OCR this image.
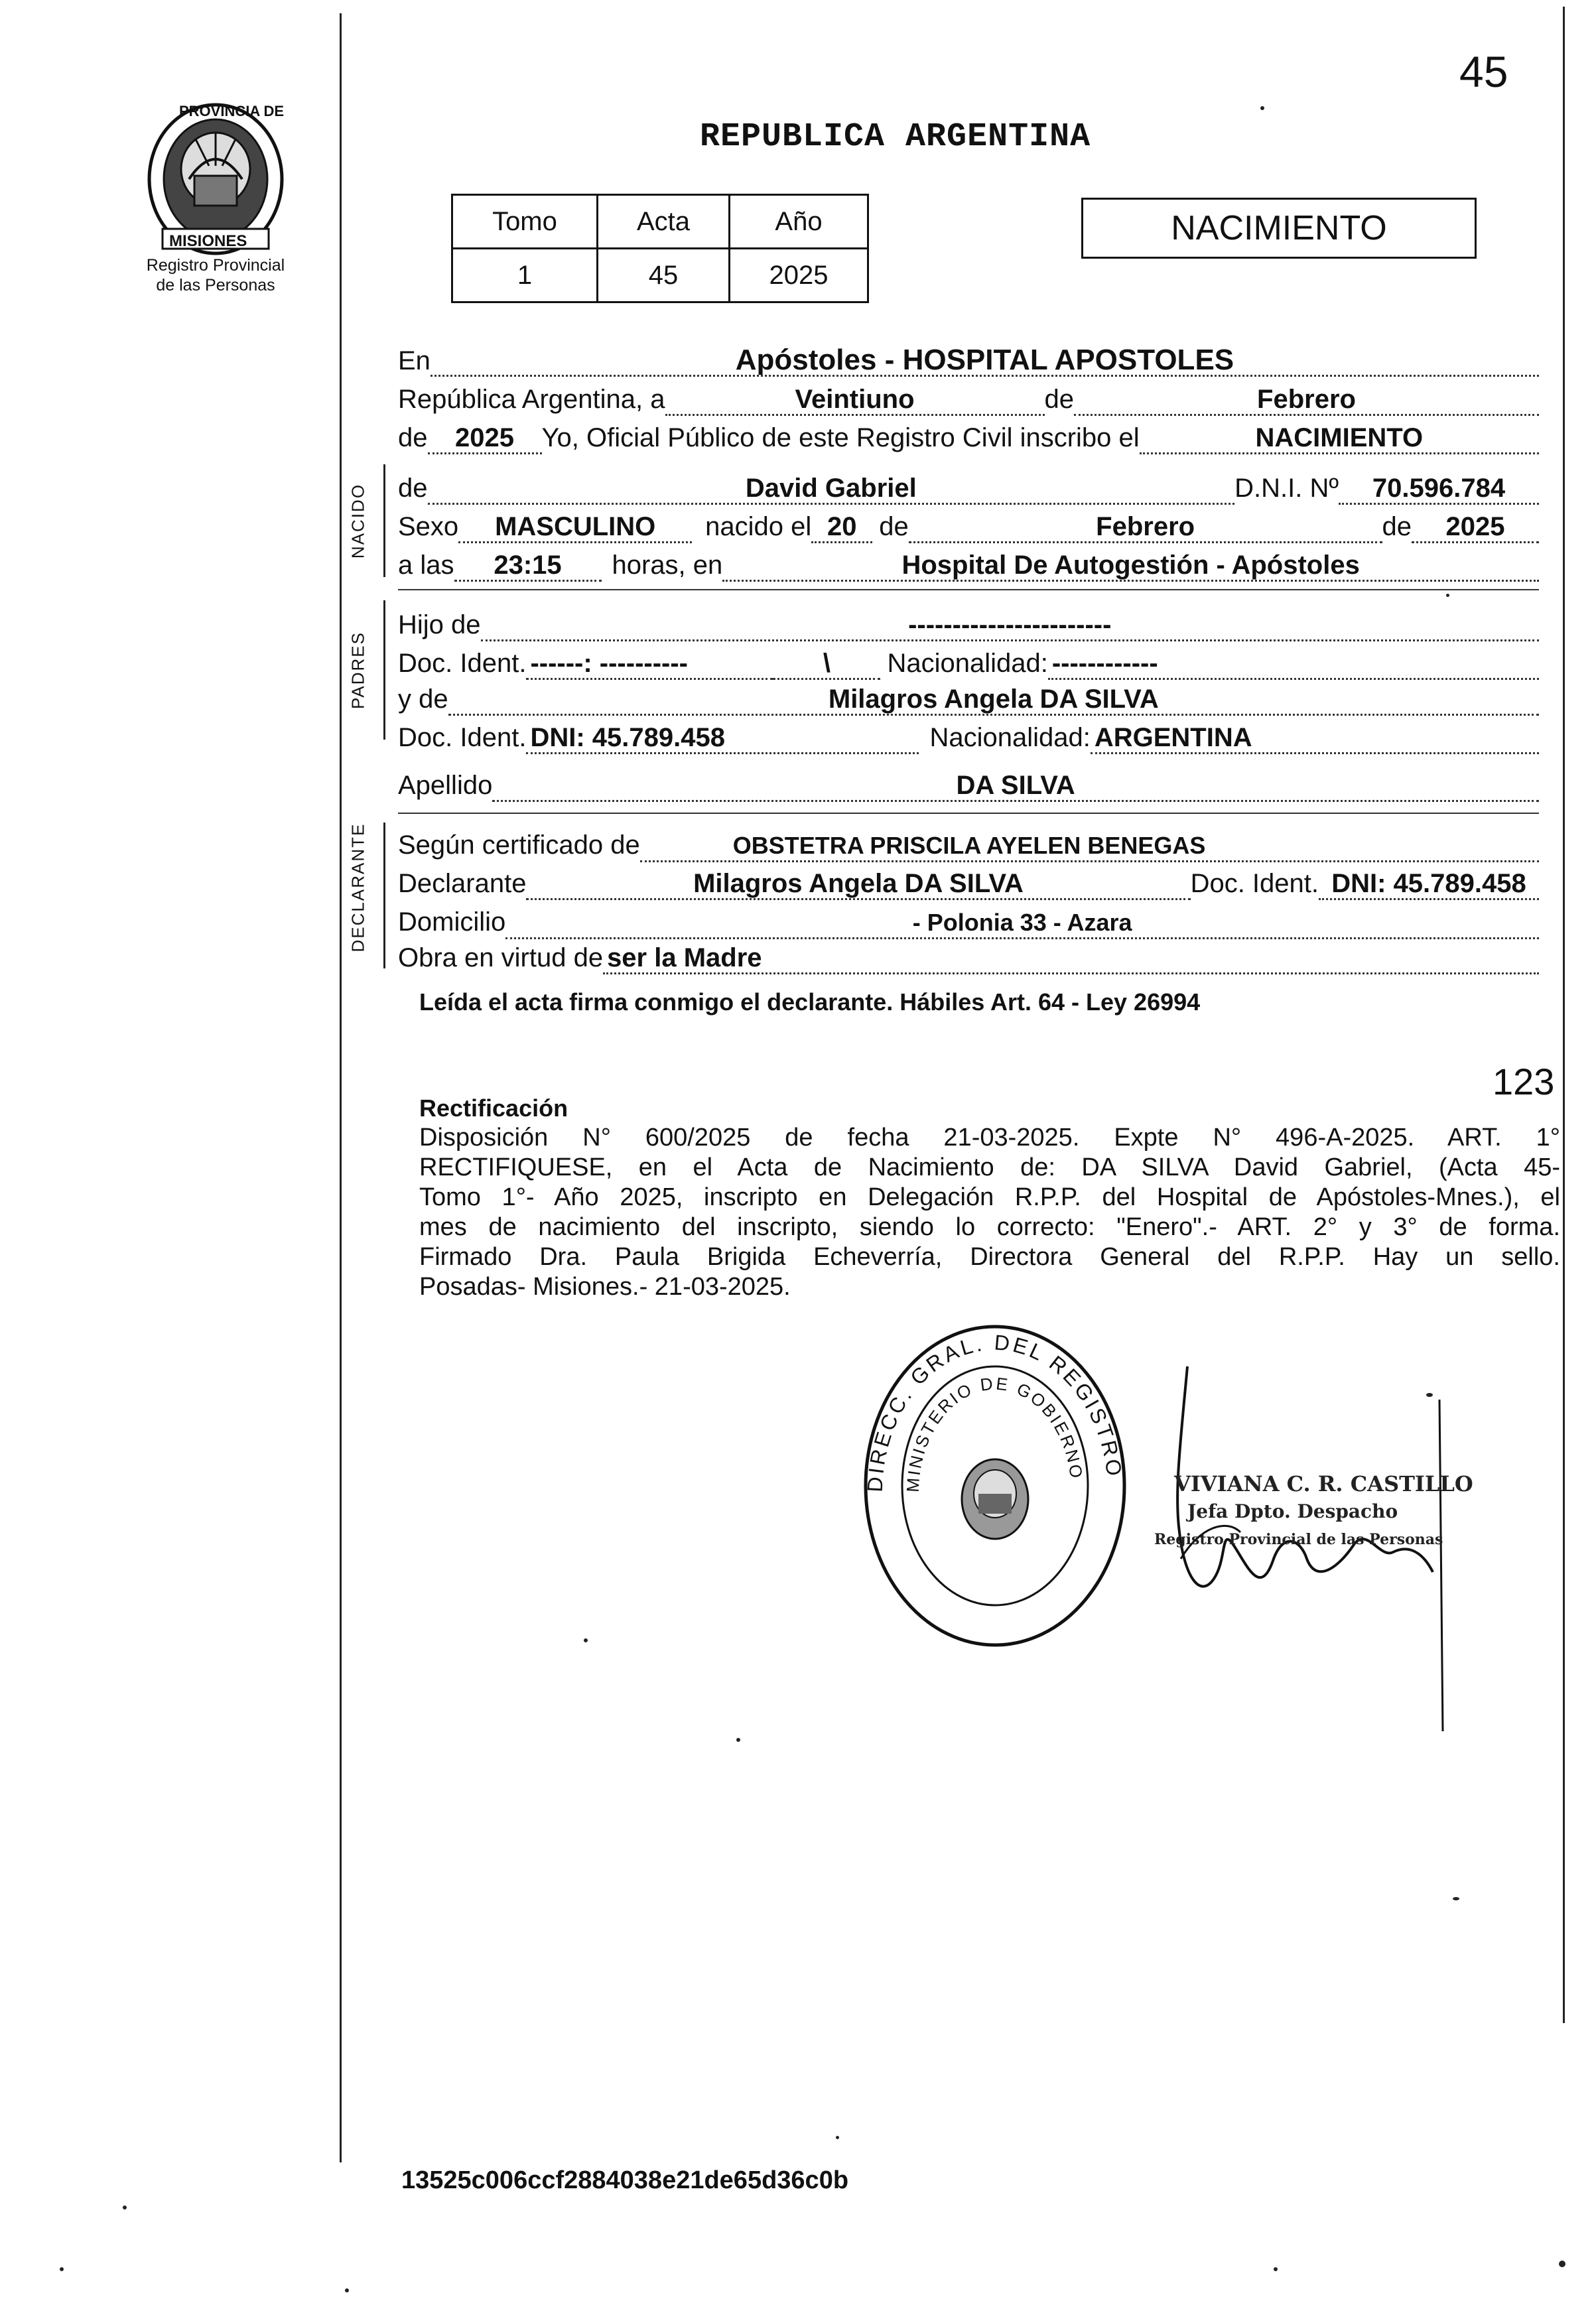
45
PROVINCIA DE
MISIONES
Registro Provincial
de las Personas
REPUBLICA ARGENTINA
Tomo	Acta	Año
1	45	2025
NACIMIENTO
En	Apóstoles - HOSPITAL APOSTOLES
República Argentina, a	Veintiuno	de	Febrero
de	2025	Yo, Oficial Público de este Registro Civil inscribo el	NACIMIENTO
NACIDO de	David Gabriel	D.N.I. Nº	70.596.784
Sexo	MASCULINO	nacido el 20 de	Febrero	de	2025
a las	23:15	horas, en	Hospital De Autogestión - Apóstoles
PADRES
Hijo de	-----------------------
Doc. Ident. ------: ----------	\	Nacionalidad: ------------
y de	Milagros Angela DA SILVA
Doc. Ident. DNI: 45.789.458	Nacionalidad: ARGENTINA
Apellido	DA SILVA
DECLARANTE Según certificado de	OBSTETRA PRISCILA AYELEN BENEGAS
Declarante	Milagros Angela DA SILVA	Doc. Ident. DNI: 45.789.458
Domicilio	- Polonia 33 - Azara
Obra en virtud de ser la Madre
Leída el acta firma conmigo el declarante. Hábiles Art. 64 - Ley 26994
123
Rectificación
Disposición N° 600/2025 de fecha 21-03-2025. Expte N° 496-A-2025. ART. 1°
RECTIFIQUESE, en el Acta de Nacimiento de: DA SILVA David Gabriel, (Acta 45-
Tomo 1°- Año 2025, inscripto en Delegación R.P.P. del Hospital de Apóstoles-Mnes.), el
mes de nacimiento del inscripto, siendo lo correcto: "Enero".- ART. 2° y 3° de forma.
Firmado Dra. Paula Brigida Echeverría, Directora General del R.P.P. Hay un sello.
Posadas- Misiones.- 21-03-2025.
DIRECC. GRAL. DEL REGISTRO
MINISTERIO DE GOBIERNO	VIVIANA C. R. CASTILLO
Jefa Dpto. Despacho
Registro Provincial de las Personas
13525c006ccf2884038e21de65d36c0b
